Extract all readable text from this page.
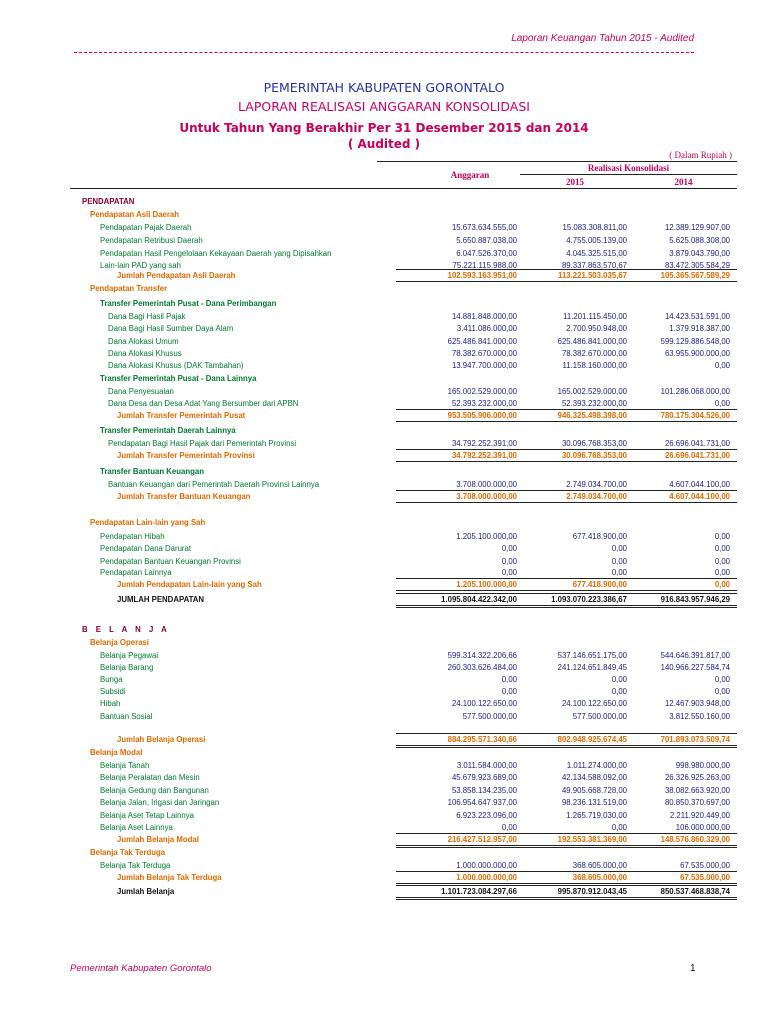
Laporan Keuangan Tahun 2015 - Audited
PEMERINTAH KABUPATEN GORONTALO
LAPORAN REALISASI ANGGARAN KONSOLIDASI
Untuk Tahun Yang Berakhir Per 31 Desember 2015 dan 2014
( Audited )
( Dalam Rupiah )
Anggaran
Realisasi Konsolidasi
2015	2014
PENDAPATAN
Pendapatan Asli Daerah
Pendapatan Pajak Daerah	15.673.634.555,00	15.083.308.811,00	12.389.129.907,00
Pendapatan Retribusi Daerah	5.650.887.038,00	4.755.005.139,00	5.625.088.308,00
Pendapatan Hasil Pengelolaan Kekayaan Daerah yang Dipisahkan	6.047.526.370,00	4.045.325.515,00	3.879.043.790,00
Lain-lain PAD yang sah	75.221.115.988,00	89.337.863.570,67	83.472.305.584,29
Jumlah Pendapatan Asli Daerah	102.593.163.951,00	113.221.503.035,67	105.365.567.589,29
Pendapatan Transfer
Transfer Pemerintah Pusat - Dana Perimbangan
Dana Bagi Hasil Pajak	14.881.848.000,00	11.201.115.450,00	14.423.531.591,00
Dana Bagi Hasil Sumber Daya Alam	3.411.086.000,00	2.700.950.948,00	1.379.918.387,00
Dana Alokasi Umum	625.486.841.000,00	625.486.841.000,00	599.129.886.548,00
Dana Alokasi Khusus	78.382.670.000,00	78.382.670.000,00	63.955.900.000,00
Dana Alokasi Khusus (DAK Tambahan)	13.947.700.000,00	11.158.160.000,00	0,00
Transfer Pemerintah Pusat - Dana Lainnya
Dana Penyesuaian	165.002.529.000,00	165.002.529.000,00	101.286.068.000,00
Dana Desa dan Desa Adat Yang Bersumber dari APBN	52.393.232.000,00	52.393.232.000,00	0,00
Jumlah Transfer Pemerintah Pusat	953.505.906.000,00	946.325.498.398,00	780.175.304.526,00
Transfer Pemerintah Daerah Lainnya
Pendapatan Bagi Hasil Pajak dari Pemerintah Provinsi	34.792.252.391,00	30.096.768.353,00	26.696.041.731,00
Jumlah Transfer Pemerintah Provinsi	34.792.252.391,00	30.096.768.353,00	26.696.041.731,00
Transfer Bantuan Keuangan
Bantuan Keuangan dari Pemerintah Daerah Provinsi Lainnya	3.708.000.000,00	2.749.034.700,00	4.607.044.100,00
Jumlah Transfer Bantuan Keuangan	3.708.000.000,00	2.749.034.700,00	4.607.044.100,00
Pendapatan Lain-lain yang Sah
Pendapatan Hibah	1.205.100.000,00	677.418.900,00	0,00
Pendapatan Dana Darurat	0,00	0,00	0,00
Pendapatan Bantuan Keuangan Provinsi	0,00	0,00	0,00
Pendapatan Lainnya	0,00	0,00	0,00
Jumlah Pendapatan Lain-lain yang Sah	1.205.100.000,00	677.418.900,00	0,00
JUMLAH PENDAPATAN	1.095.804.422.342,00	1.093.070.223.386,67	916.843.957.946,29
B E L A N J A
Belanja Operasi
Belanja Pegawai	599.314.322.206,66	537.146.651.175,00	544.646.391.817,00
Belanja Barang	260.303.626.484,00	241.124.651.849,45	140.966.227.584,74
Bunga	0,00	0,00	0,00
Subsidi	0,00	0,00	0,00
Hibah	24.100.122.650,00	24.100.122.650,00	12.467.903.948,00
Bantuan Sosial	577.500.000,00	577.500.000,00	3.812.550.160,00
Jumlah Belanja Operasi	884.295.571.340,66	802.948.925.674,45	701.893.073.509,74
Belanja Modal
Belanja Tanah	3.011.584.000,00	1.011.274.000,00	998.980.000,00
Belanja Peralatan dan Mesin	45.679.923.689,00	42.134.588.092,00	26.326.925.263,00
Belanja Gedung dan Bangunan	53.858.134.235,00	49.905.668.728,00	38.082.663.920,00
Belanja Jalan, Irigasi dan Jaringan	106.954.647.937,00	98.236.131.519,00	80.850.370.697,00
Belanja Aset Tetap Lainnya	6.923.223.096,00	1.265.719.030,00	2.211.920.449,00
Belanja Aset Lainnya	0,00	0,00	106.000.000,00
Jumlah Belanja Modal	216.427.512.957,00	192.553.381.369,00	148.576.860.329,00
Belanja Tak Terduga
Belanja Tak Terduga	1.000.000.000,00	368.605.000,00	67.535.000,00
Jumlah Belanja Tak Terduga	1.000.000.000,00	368.605.000,00	67.535.000,00
Jumlah Belanja	1.101.723.084.297,66	995.870.912.043,45	850.537.468.838,74
Pemerintah Kabupaten Gorontalo	1
